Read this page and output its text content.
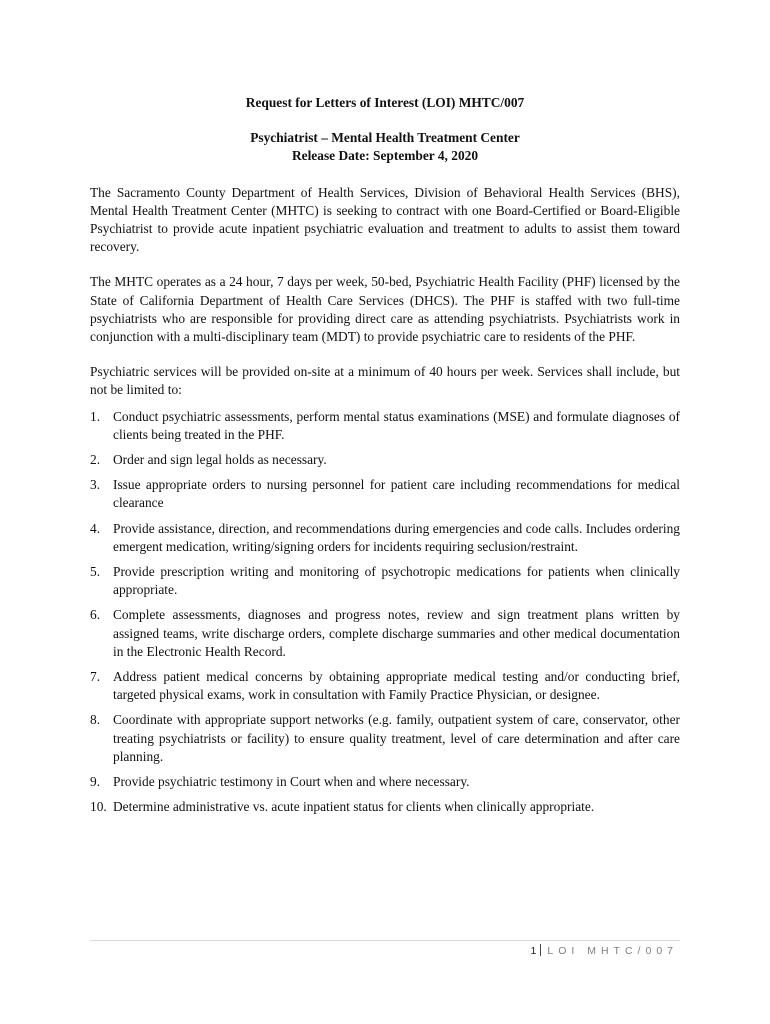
Request for Letters of Interest (LOI) MHTC/007

Psychiatrist – Mental Health Treatment Center

Release Date: September 4, 2020

The Sacramento County Department of Health Services, Division of Behavioral Health Services (BHS), Mental Health Treatment Center (MHTC) is seeking to contract with one Board-Certified or Board-Eligible Psychiatrist to provide acute inpatient psychiatric evaluation and treatment to adults to assist them toward recovery.

The MHTC operates as a 24 hour, 7 days per week, 50-bed, Psychiatric Health Facility (PHF) licensed by the State of California Department of Health Care Services (DHCS). The PHF is staffed with two full-time psychiatrists who are responsible for providing direct care as attending psychiatrists. Psychiatrists work in conjunction with a multi-disciplinary team (MDT) to provide psychiatric care to residents of the PHF.

Psychiatric services will be provided on-site at a minimum of 40 hours per week. Services shall include, but not be limited to:

1. Conduct psychiatric assessments, perform mental status examinations (MSE) and formulate diagnoses of clients being treated in the PHF.
2. Order and sign legal holds as necessary.
3. Issue appropriate orders to nursing personnel for patient care including recommendations for medical clearance
4. Provide assistance, direction, and recommendations during emergencies and code calls. Includes ordering emergent medication, writing/signing orders for incidents requiring seclusion/restraint.
5. Provide prescription writing and monitoring of psychotropic medications for patients when clinically appropriate.
6. Complete assessments, diagnoses and progress notes, review and sign treatment plans written by assigned teams, write discharge orders, complete discharge summaries and other medical documentation in the Electronic Health Record.
7. Address patient medical concerns by obtaining appropriate medical testing and/or conducting brief, targeted physical exams, work in consultation with Family Practice Physician, or designee.
8. Coordinate with appropriate support networks (e.g. family, outpatient system of care, conservator, other treating psychiatrists or facility) to ensure quality treatment, level of care determination and after care planning.
9. Provide psychiatric testimony in Court when and where necessary.
10. Determine administrative vs. acute inpatient status for clients when clinically appropriate.
1 LOI MHTC/007
